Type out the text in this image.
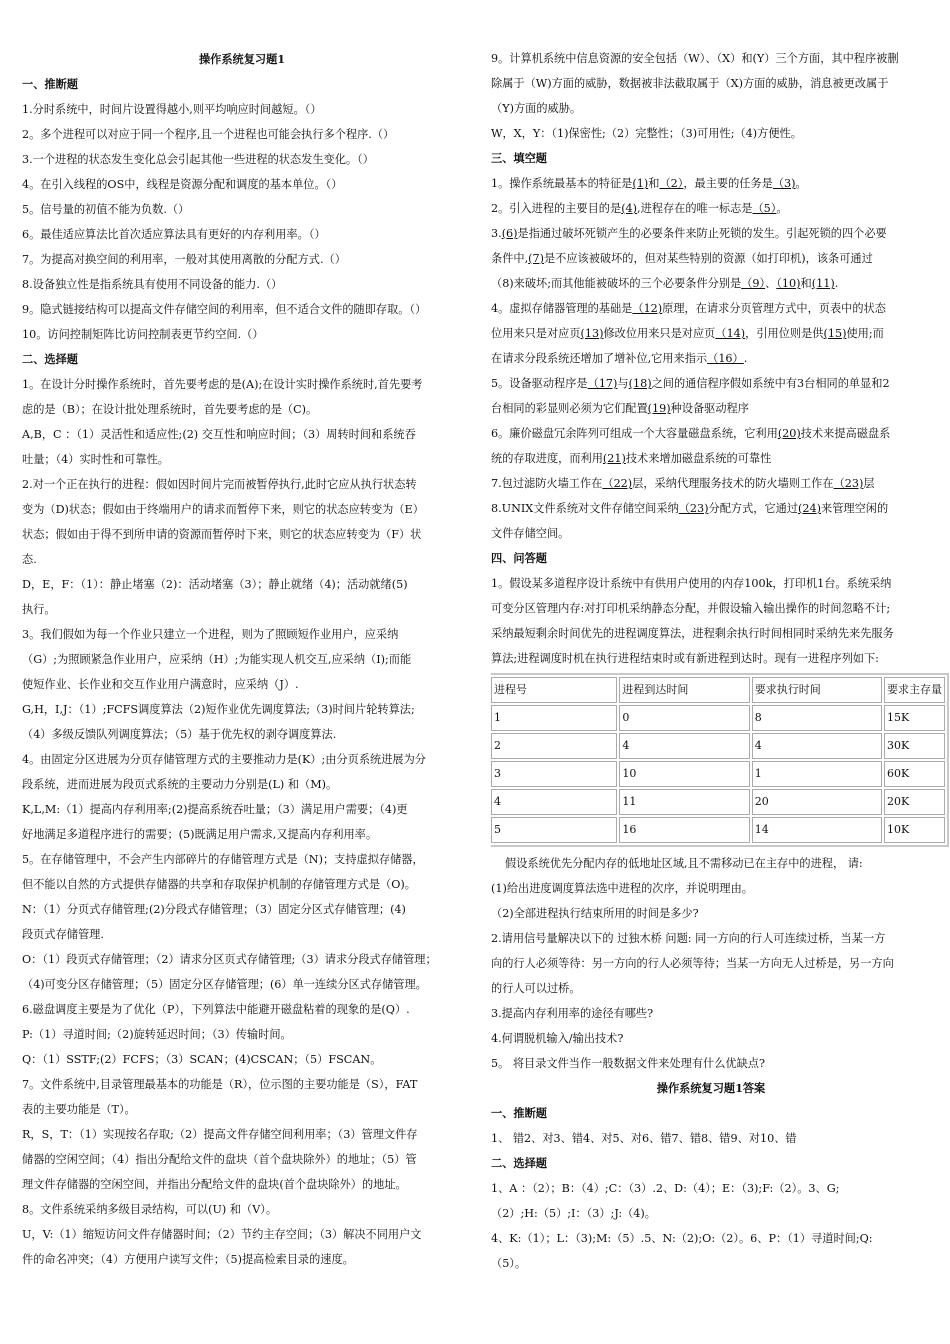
操作系统复习题1

一、推断题

1.分时系统中，时间片设置得越小,则平均响应时间越短。（）

2。多个进程可以对应于同一个程序,且一个进程也可能会执行多个程序.（）

3.一个进程的状态发生变化总会引起其他一些进程的状态发生变化。（）

4。在引入线程的OS中，线程是资源分配和调度的基本单位。（）

5。信号量的初值不能为负数.（）

6。最佳适应算法比首次适应算法具有更好的内存利用率。（）

7。为提高对换空间的利用率，一般对其使用离散的分配方式.（）

8.设备独立性是指系统具有使用不同设备的能力.（）

9。隐式链接结构可以提高文件存储空间的利用率，但不适合文件的随即存取。（）

10。访问控制矩阵比访问控制表更节约空间.（）

二、选择题

1。在设计分时操作系统时，首先要考虑的是(A);在设计实时操作系统时,首先要考

虑的是（B）；在设计批处理系统时，首先要考虑的是（C)。

A,B，C ：（1）灵活性和适应性;(2) 交互性和响应时间；（3）周转时间和系统吞

吐量；（4）实时性和可靠性。

2.对一个正在执行的进程：假如因时间片完而被暂停执行,此时它应从执行状态转

变为（D)状态；假如由于终端用户的请求而暂停下来，则它的状态应转变为（E）

状态；假如由于得不到所申请的资源而暂停时下来，则它的状态应转变为（F）状

态.

D，E，F：（1）：静止堵塞（2)：活动堵塞（3）；静止就绪（4)；活动就绪(5)

执行。

3。我们假如为每一个作业只建立一个进程，则为了照顾短作业用户，应采纳

（G）;为照顾紧急作业用户，应采纳（H）;为能实现人机交互,应采纳（I);而能

使短作业、长作业和交互作业用户满意时，应采纳（J）.

G,H，I,J：（1）;FCFS调度算法（2)短作业优先调度算法;（3)时间片轮转算法;

（4）多级反馈队列调度算法；（5）基于优先权的剥夺调度算法.

4。由固定分区进展为分页存储管理方式的主要推动力是(K）;由分页系统进展为分

段系统，进而进展为段页式系统的主要动力分别是(L) 和（M)。

K,L,M:（1）提高内存利用率;(2)提高系统吞吐量；（3）满足用户需要；（4)更

好地满足多道程序进行的需要；(5)既满足用户需求,又提高内存利用率。

5。在存储管理中，不会产生内部碎片的存储管理方式是（N)；支持虚拟存储器，

但不能以自然的方式提供存储器的共享和存取保护机制的存储管理方式是（O)。

N：（1）分页式存储管理;(2)分段式存储管理；（3）固定分区式存储管理；(4)

段页式存储管理.

O：（1）段页式存储管理；（2）请求分区页式存储管理;（3）请求分段式存储管理；

（4)可变分区存储管理；（5）固定分区存储管理；(6）单一连续分区式存储管理。

6.磁盘调度主要是为了优化（P），下列算法中能避开磁盘粘着的现象的是(Q）.

P:（1）寻道时间;（2)旋转延迟时间；（3）传输时间。

Q：（1）SSTF;(2）FCFS；（3）SCAN；(4)CSCAN；（5）FSCAN。

7。文件系统中,目录管理最基本的功能是（R），位示图的主要功能是（S），FAT

表的主要功能是（T）。

R，S，T：（1）实现按名存取;（2）提高文件存储空间利用率；（3）管理文件存

储器的空闲空间；（4）指出分配给文件的盘块（首个盘块除外）的地址；（5）管

理文件存储器的空闲空间，并指出分配给文件的盘块(首个盘块除外）的地址。

8。文件系统采纳多级目录结构，可以(U) 和（V）。

U，V:（1）缩短访问文件存储器时间；（2）节约主存空间；（3）解决不同用户文

件的命名冲突；（4）方便用户读写文件；（5)提高检索目录的速度。

9。计算机系统中信息资源的安全包括（W）、（X）和(Y）三个方面，其中程序被删

除属于（W)方面的威胁，数据被非法截取属于（X)方面的威胁，消息被更改属于

（Y)方面的威胁。

W，X，Y：（1)保密性;（2）完整性；（3)可用性;（4)方便性。

三、填空题

1。操作系统最基本的特征是(1)和（2），最主要的任务是（3)。

2。引入进程的主要目的是(4),进程存在的唯一标志是（5）。

3.(6)是指通过破坏死锁产生的必要条件来防止死锁的发生。引起死锁的四个必要

条件中,(7)是不应该被破坏的，但对某些特别的资源（如打印机)，该条可通过

（8)来破坏;而其他能被破坏的三个必要条件分别是（9）、（10)和(11).

4。虚拟存储器管理的基础是（12)原理，在请求分页管理方式中，页表中的状态

位用来只是对应页(13)修改位用来只是对应页（14)，引用位则是供(15)使用;而

在请求分段系统还增加了增补位,它用来指示（16）.

5。设备驱动程序是（17)与(18)之间的通信程序假如系统中有3台相同的单显和2

台相同的彩显则必须为它们配置(19)种设备驱动程序

6。廉价磁盘冗余阵列可组成一个大容量磁盘系统，它利用(20)技术来提高磁盘系

统的存取进度，而利用(21)技术来增加磁盘系统的可靠性

7.包过滤防火墙工作在（22)层，采纳代理服务技术的防火墙则工作在（23)层

8.UNIX文件系统对文件存储空间采纳（23)分配方式，它通过(24)来管理空闲的

文件存储空间。

四、问答题

1。假设某多道程序设计系统中有供用户使用的内存100k，打印机1台。系统采纳

可变分区管理内存:对打印机采纳静态分配，并假设输入输出操作的时间忽略不计;

采纳最短剩余时间优先的进程调度算法，进程剩余执行时间相同时采纳先来先服务

算法;进程调度时机在执行进程结束时或有新进程到达时。现有一进程序列如下:

进程号	进程到达时间	要求执行时间	要求主存量
1	0	8	15K
2	4	4	30K
3	10	1	60K
4	11	20	20K
5	16	14	10K

假设系统优先分配内存的低地址区域,且不需移动已在主存中的进程， 请:

(1)给出进度调度算法选中进程的次序，并说明理由。

（2)全部进程执行结束所用的时间是多少?

2.请用信号量解决以下的 过独木桥 问题: 同一方向的行人可连续过桥，当某一方

向的行人必须等待：另一方向的行人必须等待；当某一方向无人过桥是，另一方向

的行人可以过桥。

3.提高内存利用率的途径有哪些?

4.何谓脱机输入/输出技术?

5。 将目录文件当作一般数据文件来处理有什么优缺点?

操作系统复习题1答案

一、推断题

1、 错2、对3、错4、对5、对6、错7、错8、错9、对10、错

二、选择题

1、A ：（2）；B：（4）;C：（3）.2、D:（4）；E：（3);F:（2）。3、G;

（2）;H:（5）;I：（3）;J:（4)。

4、K:（1）；L：（3);M:（5）.5、N:（2);O:（2）。6、P：（1）寻道时间;Q:

（5）。
